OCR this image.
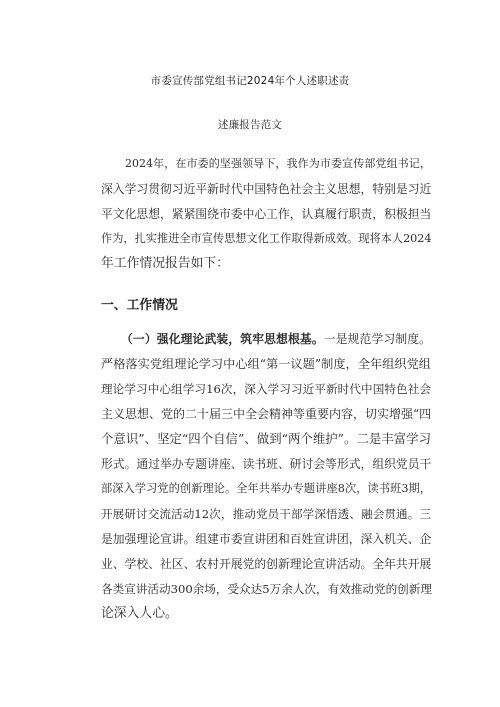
市委宣传部党组书记2024年个人述职述责
述廉报告范文
2024年，在市委的坚强领导下，我作为市委宣传部党组书记，
深入学习贯彻习近平新时代中国特色社会主义思想，特别是习近
平文化思想，紧紧围绕市委中心工作，认真履行职责，积极担当
作为，扎实推进全市宣传思想文化工作取得新成效。现将本人2024
年工作情况报告如下：
一、工作情况
（一）强化理论武装，筑牢思想根基。一是规范学习制度。
严格落实党组理论学习中心组“第一议题”制度，全年组织党组
理论学习中心组学习16次，深入学习习近平新时代中国特色社会
主义思想、党的二十届三中全会精神等重要内容，切实增强“四
个意识”、坚定“四个自信”、做到“两个维护”。二是丰富学习
形式。通过举办专题讲座、读书班、研讨会等形式，组织党员干
部深入学习党的创新理论。全年共举办专题讲座8次，读书班3期，
开展研讨交流活动12次，推动党员干部学深悟透、融会贯通。三
是加强理论宣讲。组建市委宣讲团和百姓宣讲团，深入机关、企
业、学校、社区、农村开展党的创新理论宣讲活动。全年共开展
各类宣讲活动300余场，受众达5万余人次，有效推动党的创新理
论深入人心。
